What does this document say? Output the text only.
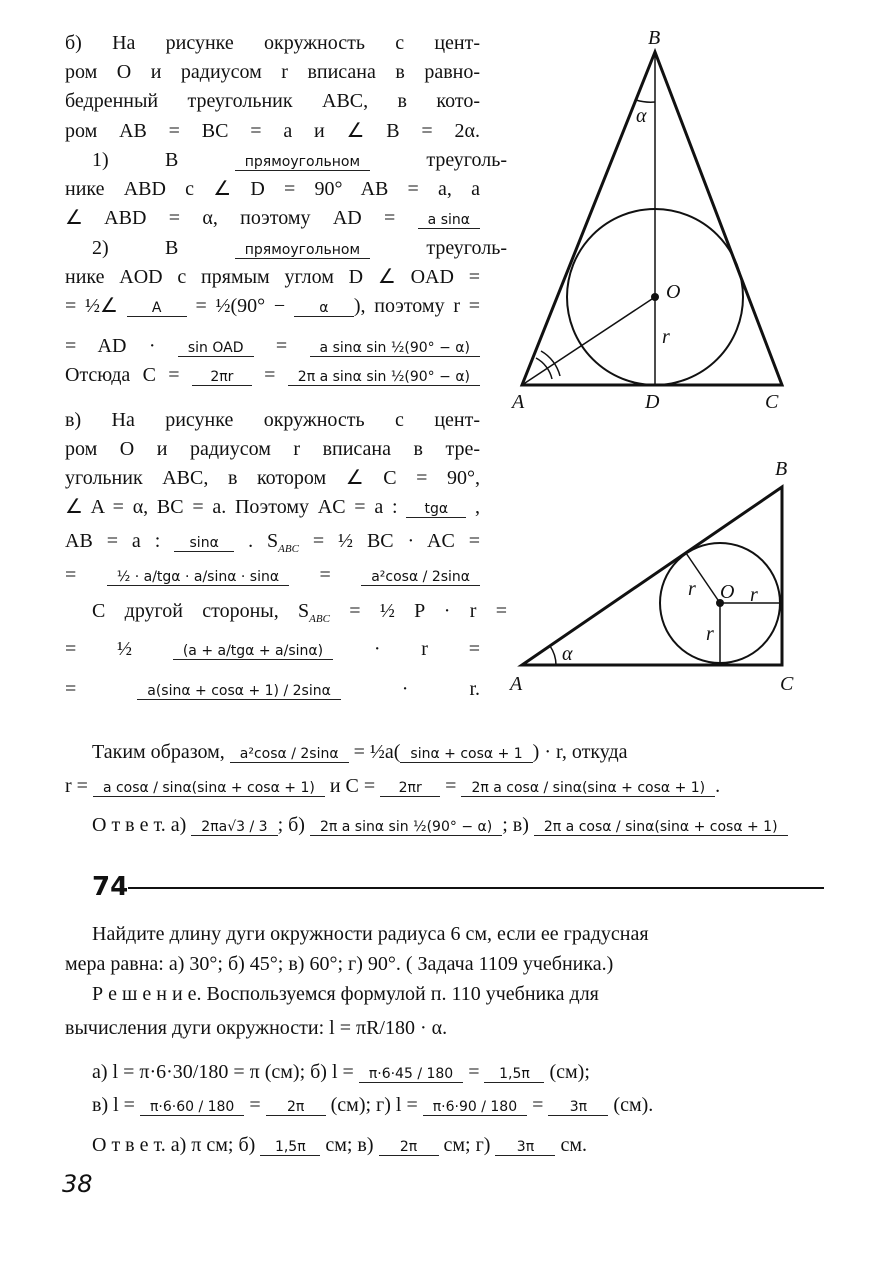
б) На рисунке окружность с цент-
ром O и радиусом r вписана в равно-
бедренный треугольник ABC, в кото-
ром AB = BC = a и ∠ B = 2α.
1) В прямоугольном треуголь-
нике ABD с ∠ D = 90° AB = a, а
∠ ABD = α, поэтому AD = a sinα
2) В прямоугольном треуголь-
нике AOD с прямым углом D ∠ OAD =
= ½∠ A = ½(90° − α ), поэтому r =
= AD · sin OAD = a sinα sin ½(90° − α)
Отсюда C = 2πr = 2π a sinα sin ½(90° − α)
в) На рисунке окружность с цент-
ром O и радиусом r вписана в тре-
угольник ABC, в котором ∠ C = 90°,
∠ A = α, BC = a. Поэтому AC = a : tgα ,
AB = a : sinα . $S_{ABC}$ = ½ BC · AC =
= ½ · a/tgα · a/sinα · sinα = a²cosα / 2sinα
С другой стороны, $S_{ABC}$ = ½ P · r =
= ½ (a + a/tgα + a/sinα) · r =
= a(sinα + cosα + 1) / 2sinα · r.
Таким образом, a²cosα / 2sinα = ½a( sinα + cosα + 1 ) · r, откуда
r = a cosα / sinα(sinα + cosα + 1) и C = 2πr = 2π a cosα / sinα(sinα + cosα + 1) .
О т в е т. а) 2πa√3 / 3 ; б) 2π a sinα sin ½(90° − α) ; в) 2π a cosα / sinα(sinα + cosα + 1)
Найдите длину дуги окружности радиуса 6 см, если ее градусная
мера равна: а) 30°; б) 45°; в) 60°; г) 90°. ( Задача 1109 учебника.)
Р е ш е н и е. Воспользуемся формулой п. 110 учебника для
вычисления дуги окружности: l = πR/180 · α.
а) l = π·6·30/180 = π (см); б) l = π·6·45 / 180 = 1,5π (см);
в) l = π·6·60 / 180 = 2π (см); г) l = π·6·90 / 180 = 3π (см).
О т в е т. а) π см; б) 1,5π см; в) 2π см; г) 3π см.
B
α
O
r
A	D	C
B
α
O
r	r
r
A	C
74
38
